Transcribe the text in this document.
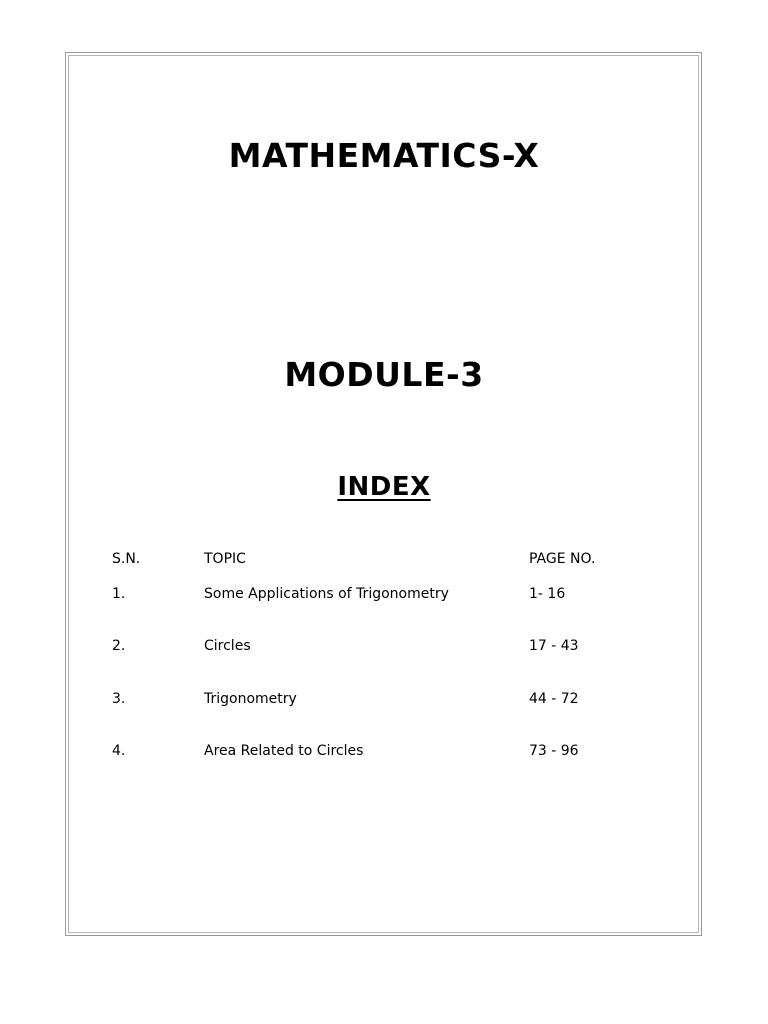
MATHEMATICS-X
MODULE-3
INDEX
S.N.	TOPIC	PAGE NO.
1.	Some Applications of Trigonometry	1- 16
2.	Circles	17 - 43
3.	Trigonometry	44 - 72
4.	Area Related to Circles	73 - 96
